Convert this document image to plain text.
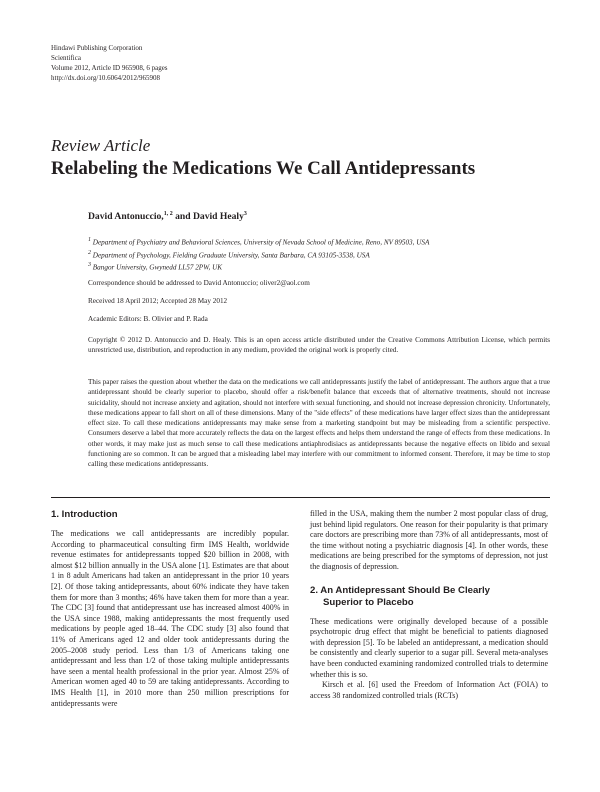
Hindawi Publishing Corporation
Scientifica
Volume 2012, Article ID 965908, 6 pages
http://dx.doi.org/10.6064/2012/965908
Review Article
Relabeling the Medications We Call Antidepressants
David Antonuccio,$^{1, 2}$ and David Healy$^3$
$^1$ Department of Psychiatry and Behavioral Sciences, University of Nevada School of Medicine, Reno, NV 89503, USA
$^2$ Department of Psychology, Fielding Graduate University, Santa Barbara, CA 93105-3538, USA
$^3$ Bangor University, Gwynedd LL57 2PW, UK
Correspondence should be addressed to David Antonuccio; oliver2@aol.com
Received 18 April 2012; Accepted 28 May 2012
Academic Editors: B. Olivier and P. Rada
Copyright © 2012 D. Antonuccio and D. Healy. This is an open access article distributed under the Creative Commons Attribution License, which permits unrestricted use, distribution, and reproduction in any medium, provided the original work is properly cited.
This paper raises the question about whether the data on the medications we call antidepressants justify the label of antidepressant. The authors argue that a true antidepressant should be clearly superior to placebo, should offer a risk/benefit balance that exceeds that of alternative treatments, should not increase suicidality, should not increase anxiety and agitation, should not interfere with sexual functioning, and should not increase depression chronicity. Unfortunately, these medications appear to fall short on all of these dimensions. Many of the "side effects" of these medications have larger effect sizes than the antidepressant effect size. To call these medications antidepressants may make sense from a marketing standpoint but may be misleading from a scientific perspective. Consumers deserve a label that more accurately reflects the data on the largest effects and helps them understand the range of effects from these medications. In other words, it may make just as much sense to call these medications antiaphrodisiacs as antidepressants because the negative effects on libido and sexual functioning are so common. It can be argued that a misleading label may interfere with our commitment to informed consent. Therefore, it may be time to stop calling these medications antidepressants.
1. Introduction

The medications we call antidepressants are incredibly popular. According to pharmaceutical consulting firm IMS Health, worldwide revenue estimates for antidepressants topped $20 billion in 2008, with almost $12 billion annually in the USA alone [1]. Estimates are that about 1 in 8 adult Americans had taken an antidepressant in the prior 10 years [2]. Of those taking antidepressants, about 60% indicate they have taken them for more than 3 months; 46% have taken them for more than a year. The CDC [3] found that antidepressant use has increased almost 400% in the USA since 1988, making antidepressants the most frequently used medications by people aged 18–44. The CDC study [3] also found that 11% of Americans aged 12 and older took antidepressants during the 2005–2008 study period. Less than 1/3 of Americans taking one antidepressant and less than 1/2 of those taking multiple antidepressants have seen a mental health professional in the prior year. Almost 25% of American women aged 40 to 59 are taking antidepressants. According to IMS Health [1], in 2010 more than 250 million prescriptions for antidepressants were

filled in the USA, making them the number 2 most popular class of drug, just behind lipid regulators. One reason for their popularity is that primary care doctors are prescribing more than 73% of all antidepressants, most of the time without noting a psychiatric diagnosis [4]. In other words, these medications are being prescribed for the symptoms of depression, not just the diagnosis of depression.

2. An Antidepressant Should Be Clearly
Superior to Placebo

These medications were originally developed because of a possible psychotropic drug effect that might be beneficial to patients diagnosed with depression [5]. To be labeled an antidepressant, a medication should be consistently and clearly superior to a sugar pill. Several meta-analyses have been conducted examining randomized controlled trials to determine whether this is so.

Kirsch et al. [6] used the Freedom of Information Act (FOIA) to access 38 randomized controlled trials (RCTs)
